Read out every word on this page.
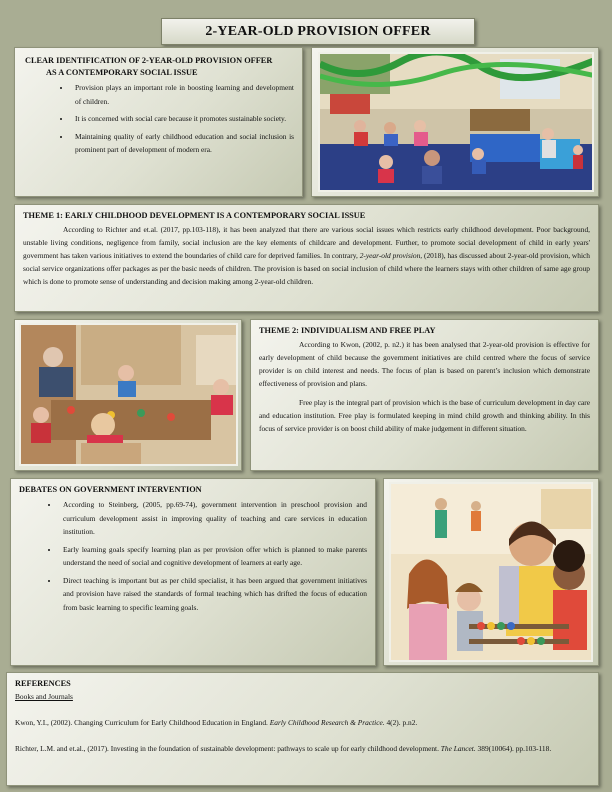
2-YEAR-OLD PROVISION OFFER
CLEAR IDENTIFICATION OF 2-YEAR-OLD PROVISION OFFER
AS A CONTEMPORARY SOCIAL ISSUE
• Provision plays an important role in boosting learning and development of children.
• It is concerned with social care because it promotes sustainable society.
• Maintaining quality of early childhood education and social inclusion is prominent part of development of modern era.
THEME 1: EARLY CHILDHOOD DEVELOPMENT IS A CONTEMPORARY SOCIAL ISSUE

According to Richter and et.al. (2017, pp.103-118), it has been analyzed that there are various social issues which restricts early childhood development. Poor background, unstable living conditions, negligence from family, social inclusion are the key elements of childcare and development. Further, to promote social development of child in early years' government has taken various initiatives to extend the boundaries of child care for deprived families. In contrary, 2-year-old provision, (2018), has discussed about 2-year-old provision, which social service organizations offer packages as per the basic needs of children. The provision is based on social inclusion of child where the learners stays with other children of same age group which is done to promote sense of understanding and decision making among 2-year-old children.

THEME 2: INDIVIDUALISM AND FREE PLAY

According to Kwon, (2002, p. n2.) it has been analysed that 2-year-old provision is effective for early development of child because the government initiatives are child centred where the focus of service provider is on child interest and needs. The focus of plan is based on parent’s inclusion which demonstrate effectiveness of provision and plans.

Free play is the integral part of provision which is the base of curriculum development in day care and education institution. Free play is formulated keeping in mind child growth and thinking ability. In this focus of service provider is on boost child ability of make judgement in different situation.

DEBATES ON GOVERNMENT INTERVENTION
• According to Steinberg, (2005, pp.69-74), government intervention in preschool provision and curriculum development assist in improving quality of teaching and care services in education institution.
• Early learning goals specify learning plan as per provision offer which is planned to make parents understand the need of social and cognitive development of learners at early age.
• Direct teaching is important but as per child specialist, it has been argued that government initiatives and provision have raised the standards of formal teaching which has drifted the focus of education from basic learning to specific learning goals.
REFERENCES
Books and Journals
Kwon, Y.I., (2002). Changing Curriculum for Early Childhood Education in England. Early Childhood Research & Practice. 4(2). p.n2.
Richter, L.M. and et.al., (2017). Investing in the foundation of sustainable development: pathways to scale up for early childhood development. The Lancet. 389(10064). pp.103-118.
